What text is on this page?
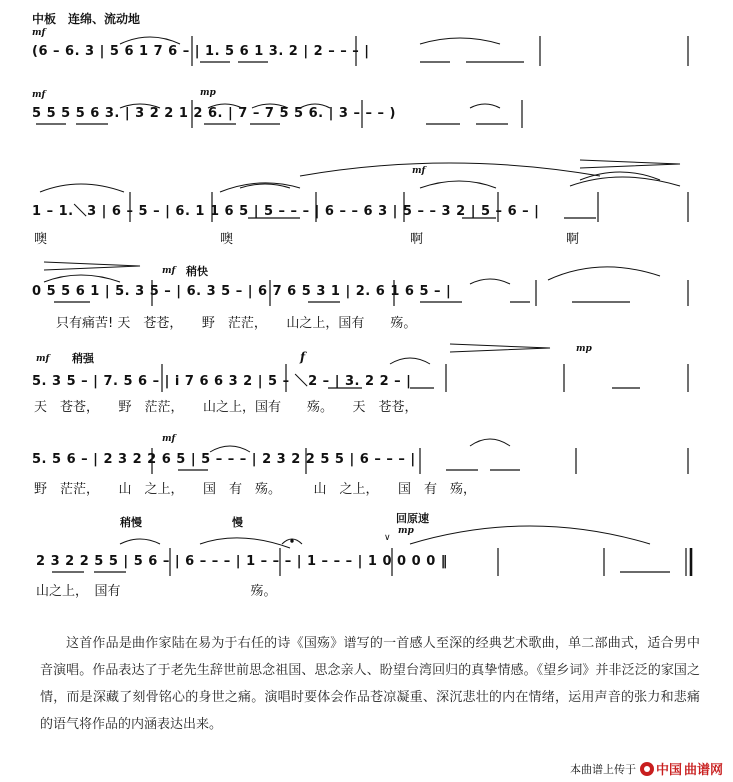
∨
中板　连绵、流动地
mf
mf	mp
mf
mf 稍快
mf 稍强	f
mp
mf
稍慢	慢	回原速
mp
(6 – 6. 3 | 5 6 1 7 6 – | 1. 5 6 1 3. 2 | 2 – – – |
5 5 5 5 6 3. | 3 2 2 1 2 6. | 7 – 7 5 5 6. | 3 – – – )
1 – 1.＼3 | 6 – 5 – | 6. 1 1 6 5 | 5 – – – | 6 – – 6 3 | 5 – – 3 2 | 5 – 6 – |
噢	噢	啊	啊
0 5 5 6 1 | 5. 3 5 – | 6. 3 5 – | 6 7 6 5 3 1 | 2. 6 1 6 5 – |
只有痛苦! 天　苍苍，　　野　茫茫，　　山之上，国有　　殇。
5. 3 5 – | 7. 5 6 – | i 7 6 6 3 2 | 5 – ＼2 – | 3. 2 2 – |
天　苍苍，　　野　茫茫，　　山之上，国有　　殇。　　天　苍苍，
5. 5 6 – | 2 3 2 2 6 5 | 5 – – – | 2 3 2 2 5 5 | 6 – – – |
野　茫茫，　　山　之上，　　国　有　殇。　　　山　之上，　　国　有　殇，
2 3 2 2 5 5 | 5 6 – | 6 – – – | 1 – – – | 1 – – – | 1 0 0 0 0 ‖
山之上，　国有　　　　　　　　　　殇。

这首作品是曲作家陆在易为于右任的诗《国殇》谱写的一首感人至深的经典艺术歌曲，单二部曲式，适合男中音演唱。作品表达了于老先生辞世前思念祖国、思念亲人、盼望台湾回归的真挚情感。《望乡词》并非泛泛的家国之情，而是深藏了刻骨铭心的身世之痛。演唱时要体会作品苍凉凝重、深沉悲壮的内在情绪，运用声音的张力和悲痛的语气将作品的内涵表达出来。

本曲谱上传于 中国 曲谱网
